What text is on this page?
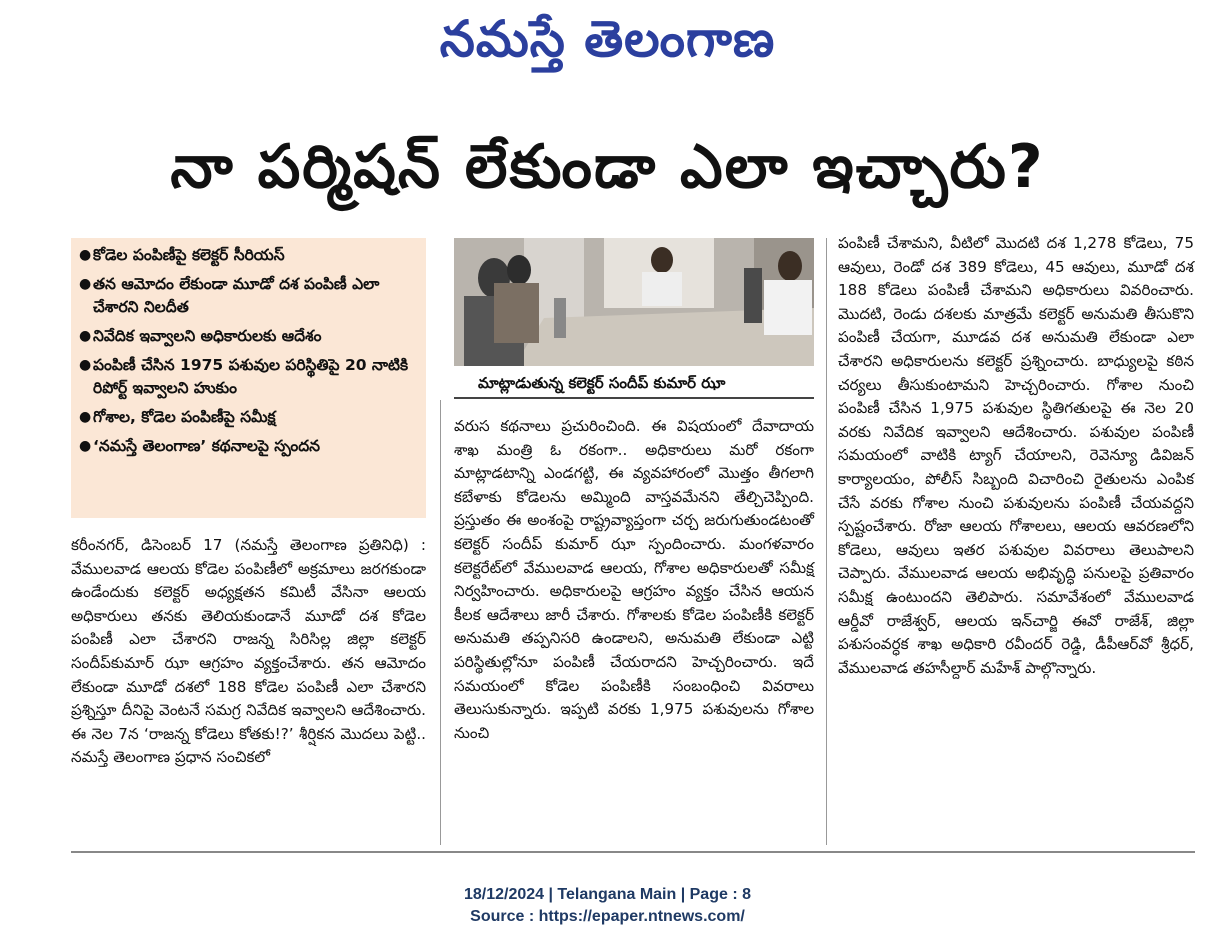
నమస్తే తెలంగాణ
నా పర్మిషన్ లేకుండా ఎలా ఇచ్చారు?
● కోడెల పంపిణీపై కలెక్టర్ సీరియస్
● తన ఆమోదం లేకుండా మూడో దశ పంపిణీ ఎలా చేశారని నిలదీత
● నివేదిక ఇవ్వాలని అధికారులకు ఆదేశం
● పంపిణీ చేసిన 1975 పశువుల పరిస్థితిపై 20 నాటికి రిపోర్ట్ ఇవ్వాలని హుకుం
● గోశాల, కోడెల పంపిణీపై సమీక్ష
● ‘నమస్తే తెలంగాణ’ కథనాలపై స్పందన
మాట్లాడుతున్న కలెక్టర్ సందీప్ కుమార్ ఝా

కరీంనగర్, డిసెంబర్ 17 (నమస్తే తెలంగాణ ప్రతినిధి) : వేములవాడ ఆలయ కోడెల పంపిణీలో అక్రమాలు జరగకుండా ఉండేందుకు కలెక్టర్ అధ్యక్షతన కమిటీ వేసినా ఆలయ అధికారులు తనకు తెలియకుండానే మూడో దశ కోడెల పంపిణీ ఎలా చేశారని రాజన్న సిరిసిల్ల జిల్లా కలెక్టర్ సందీప్‌కుమార్ ఝా ఆగ్రహం వ్యక్తంచేశారు. తన ఆమోదం లేకుండా మూడో దశలో 188 కోడెల పంపిణీ ఎలా చేశారని ప్రశ్నిస్తూ దీనిపై వెంటనే సమగ్ర నివేదిక ఇవ్వాలని ఆదేశించారు. ఈ నెల 7న ‘రాజన్న కోడెలు కోతకు!?’ శీర్షికన మొదలు పెట్టి.. నమస్తే తెలంగాణ ప్రధాన సంచికలో

వరుస కథనాలు ప్రచురించింది. ఈ విషయంలో దేవాదాయ శాఖ మంత్రి ఓ రకంగా.. అధికారులు మరో రకంగా మాట్లాడటాన్ని ఎండగట్టి, ఈ వ్యవహారంలో మొత్తం తీగలాగి కబేళాకు కోడెలను అమ్మింది వాస్తవమేనని తేల్చిచెప్పింది. ప్రస్తుతం ఈ అంశంపై రాష్ట్రవ్యాప్తంగా చర్చ జరుగుతుండటంతో కలెక్టర్ సందీప్ కుమార్ ఝా స్పందించారు. మంగళవారం కలెక్టరేట్‌లో వేములవాడ ఆలయ, గోశాల అధికారులతో సమీక్ష నిర్వహించారు. అధికారులపై ఆగ్రహం వ్యక్తం చేసిన ఆయన కీలక ఆదేశాలు జారీ చేశారు. గోశాలకు కోడెల పంపిణీకి కలెక్టర్ అనుమతి తప్పనిసరి ఉండాలని, అనుమతి లేకుండా ఎట్టి పరిస్థితుల్లోనూ పంపిణీ చేయరాదని హెచ్చరించారు. ఇదే సమయంలో కోడెల పంపిణీకి సంబంధించి వివరాలు తెలుసుకున్నారు. ఇప్పటి వరకు 1,975 పశువులను గోశాల నుంచి

పంపిణీ చేశామని, వీటిలో మొదటి దశ 1,278 కోడెలు, 75 ఆవులు, రెండో దశ 389 కోడెలు, 45 ఆవులు, మూడో దశ 188 కోడెలు పంపిణీ చేశామని అధికారులు వివరించారు. మొదటి, రెండు దశలకు మాత్రమే కలెక్టర్ అనుమతి తీసుకొని పంపిణీ చేయగా, మూడవ దశ అనుమతి లేకుండా ఎలా చేశారని అధికారులను కలెక్టర్ ప్రశ్నించారు. బాధ్యులపై కఠిన చర్యలు తీసుకుంటామని హెచ్చరించారు. గోశాల నుంచి పంపిణీ చేసిన 1,975 పశువుల స్థితిగతులపై ఈ నెల 20 వరకు నివేదిక ఇవ్వాలని ఆదేశించారు. పశువుల పంపిణీ సమయంలో వాటికి ట్యాగ్ చేయాలని, రెవెన్యూ డివిజన్ కార్యాలయం, పోలీస్ సిబ్బంది విచారించి రైతులను ఎంపిక చేసే వరకు గోశాల నుంచి పశువులను పంపిణీ చేయవద్దని స్పష్టంచేశారు. రోజా ఆలయ గోశాలలు, ఆలయ ఆవరణలోని కోడెలు, ఆవులు ఇతర పశువుల వివరాలు తెలుపాలని చెప్పారు. వేములవాడ ఆలయ అభివృద్ధి పనులపై ప్రతివారం సమీక్ష ఉంటుందని తెలిపారు. సమావేశంలో వేములవాడ ఆర్డీవో రాజేశ్వర్, ఆలయ ఇన్‌చార్జి ఈవో రాజేశ్, జిల్లా పశుసంవర్ధక శాఖ అధికారి రవీందర్ రెడ్డి, డీపీఆర్‌వో శ్రీధర్, వేములవాడ తహసీల్దార్ మహేశ్ పాల్గొన్నారు.

18/12/2024 | Telangana Main | Page : 8
Source : https://epaper.ntnews.com/
